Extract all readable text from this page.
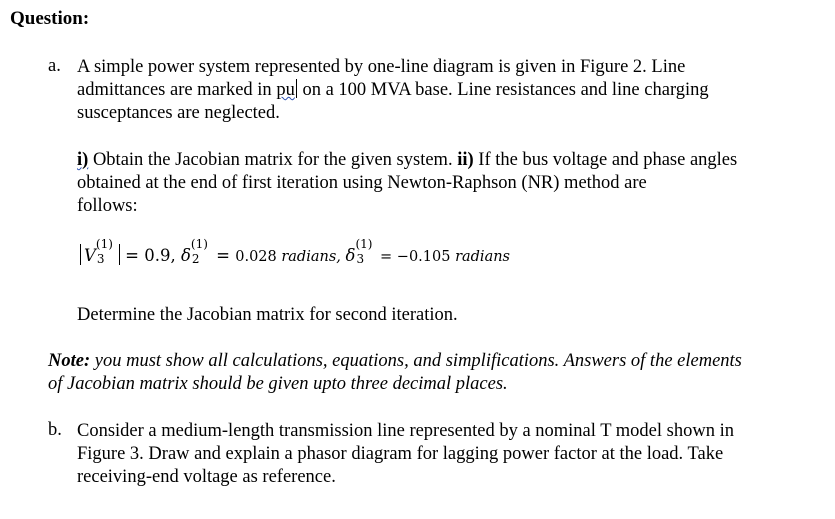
Question:
a. A simple power system represented by one-line diagram is given in Figure 2. Line
admittances are marked in pu on a 100 MVA base. Line resistances and line charging
susceptances are neglected.
i) Obtain the Jacobian matrix for the given system. ii) If the bus voltage and phase angles
obtained at the end of first iteration using Newton-Raphson (NR) method are
follows:
V
(1)
3 = 0.9, δ
(1)
2 = 0.028 radians, δ
(1)
3 = −0.105 radians
Determine the Jacobian matrix for second iteration.
Note: you must show all calculations, equations, and simplifications. Answers of the elements
of Jacobian matrix should be given upto three decimal places.
b. Consider a medium-length transmission line represented by a nominal T model shown in
Figure 3. Draw and explain a phasor diagram for lagging power factor at the load. Take
receiving-end voltage as reference.
